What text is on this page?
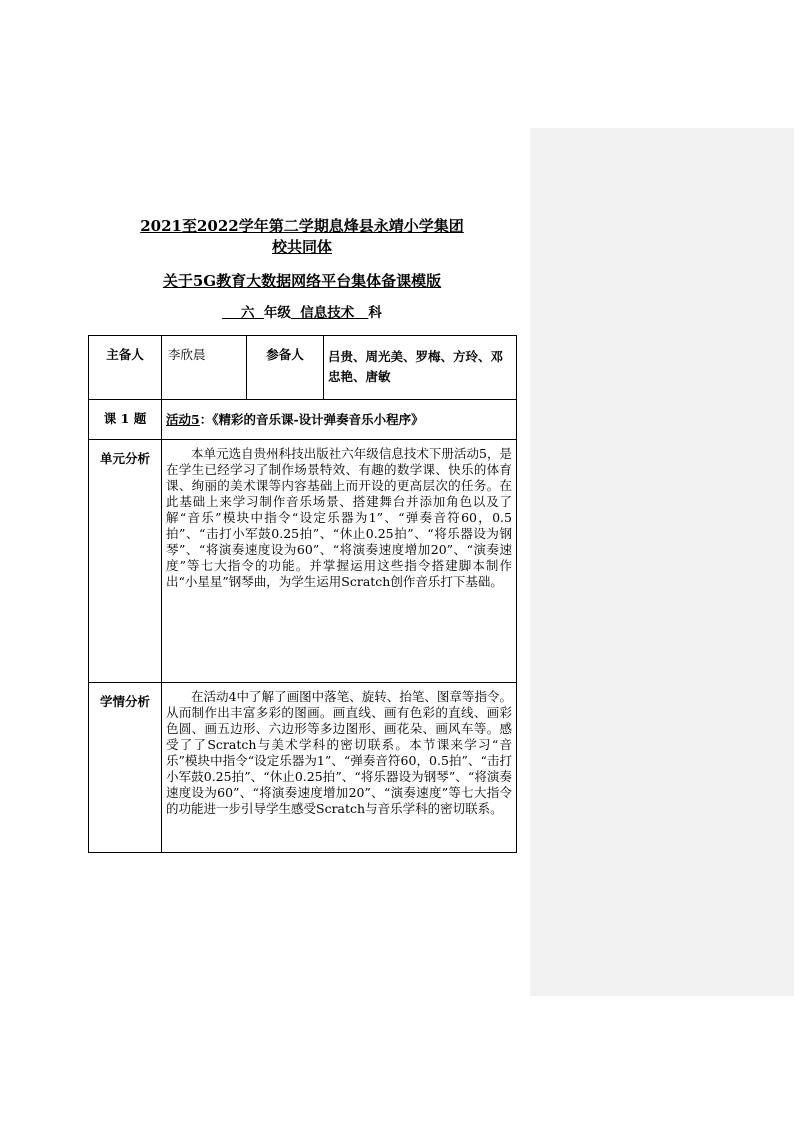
2021至2022学年第二学期息烽县永靖小学集团
校共同体
关于5G教育大数据网络平台集体备课模版
六 年级 信息技术 科
主备人	李欣晨	参备人	吕贵、周光美、罗梅、方玲、邓忠艳、唐敏
课 1 题	活动5：《精彩的音乐课-设计弹奏音乐小程序》		
单元分析	本单元选自贵州科技出版社六年级信息技术下册活动5，是在学生已经学习了制作场景特效、有趣的数学课、快乐的体育课、绚丽的美术课等内容基础上而开设的更高层次的任务。在此基础上来学习制作音乐场景、搭建舞台并添加角色以及了解“音乐”模块中指令“设定乐器为1”、“弹奏音符60，0.5拍”、“击打小军鼓0.25拍”、“休止0.25拍”、“将乐器设为钢琴”、“将演奏速度设为60”、“将演奏速度增加20”、“演奏速度”等七大指令的功能。并掌握运用这些指令搭建脚本制作出“小星星”钢琴曲，为学生运用Scratch创作音乐打下基础。		
学情分析	在活动4中了解了画图中落笔、旋转、抬笔、图章等指令。从而制作出丰富多彩的图画。画直线、画有色彩的直线、画彩色圆、画五边形、六边形等多边图形、画花朵、画风车等。感受了了Scratch与美术学科的密切联系。本节课来学习“音乐”模块中指令“设定乐器为1”、“弹奏音符60，0.5拍”、“击打小军鼓0.25拍”、“休止0.25拍”、“将乐器设为钢琴”、“将演奏速度设为60”、“将演奏速度增加20”、“演奏速度”等七大指令的功能进一步引导学生感受Scratch与音乐学科的密切联系。		
